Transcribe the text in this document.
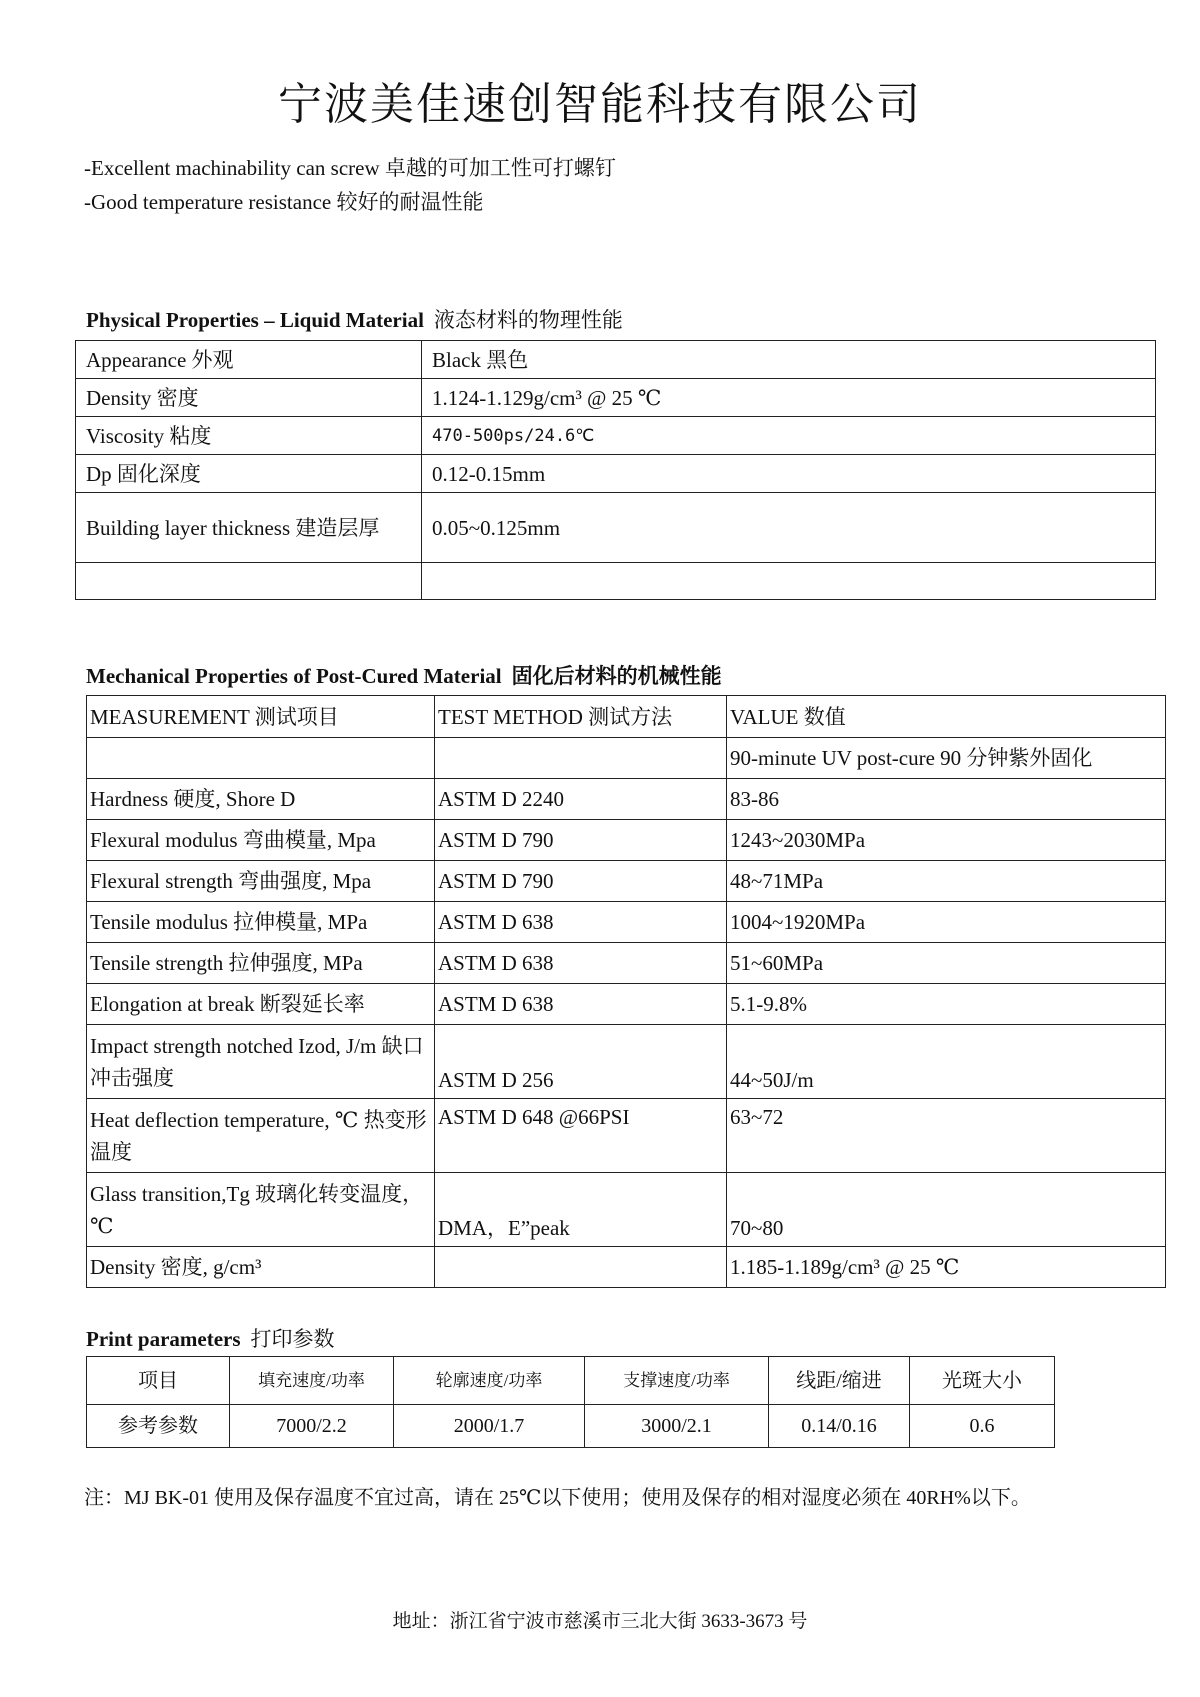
宁波美佳速创智能科技有限公司
-Excellent machinability can screw 卓越的可加工性可打螺钉
-Good temperature resistance 较好的耐温性能
Physical Properties – Liquid Material 液态材料的物理性能
Appearance 外观	Black 黑色
Density 密度	1.124-1.129g/cm³ @ 25 ℃
Viscosity 粘度	470-500ps/24.6℃
Dp 固化深度	0.12-0.15mm
Building layer thickness 建造层厚	0.05~0.125mm

Mechanical Properties of Post-Cured Material 固化后材料的机械性能
MEASUREMENT 测试项目	TEST METHOD 测试方法	VALUE 数值
		90-minute UV post-cure 90 分钟紫外固化
Hardness 硬度, Shore D	ASTM D 2240	83-86
Flexural modulus 弯曲模量, Mpa	ASTM D 790	1243~2030MPa
Flexural strength 弯曲强度, Mpa	ASTM D 790	48~71MPa
Tensile modulus 拉伸模量, MPa	ASTM D 638	1004~1920MPa
Tensile strength 拉伸强度, MPa	ASTM D 638	51~60MPa
Elongation at break 断裂延长率	ASTM D 638	5.1-9.8%
Impact strength notched Izod, J/m 缺口冲击强度	ASTM D 256	44~50J/m
Heat deflection temperature, ℃ 热变形温度	ASTM D 648 @66PSI	63~72
Glass transition,Tg 玻璃化转变温度，℃	DMA，E”peak	70~80
Density 密度, g/cm³		1.185-1.189g/cm³ @ 25 ℃
Print parameters 打印参数
项目	填充速度/功率	轮廓速度/功率	支撑速度/功率	线距/缩进	光斑大小
参考参数	7000/2.2	2000/1.7	3000/2.1	0.14/0.16	0.6
注：MJ BK-01 使用及保存温度不宜过高，请在 25℃以下使用；使用及保存的相对湿度必须在 40RH%以下。
地址：浙江省宁波市慈溪市三北大街 3633-3673 号
